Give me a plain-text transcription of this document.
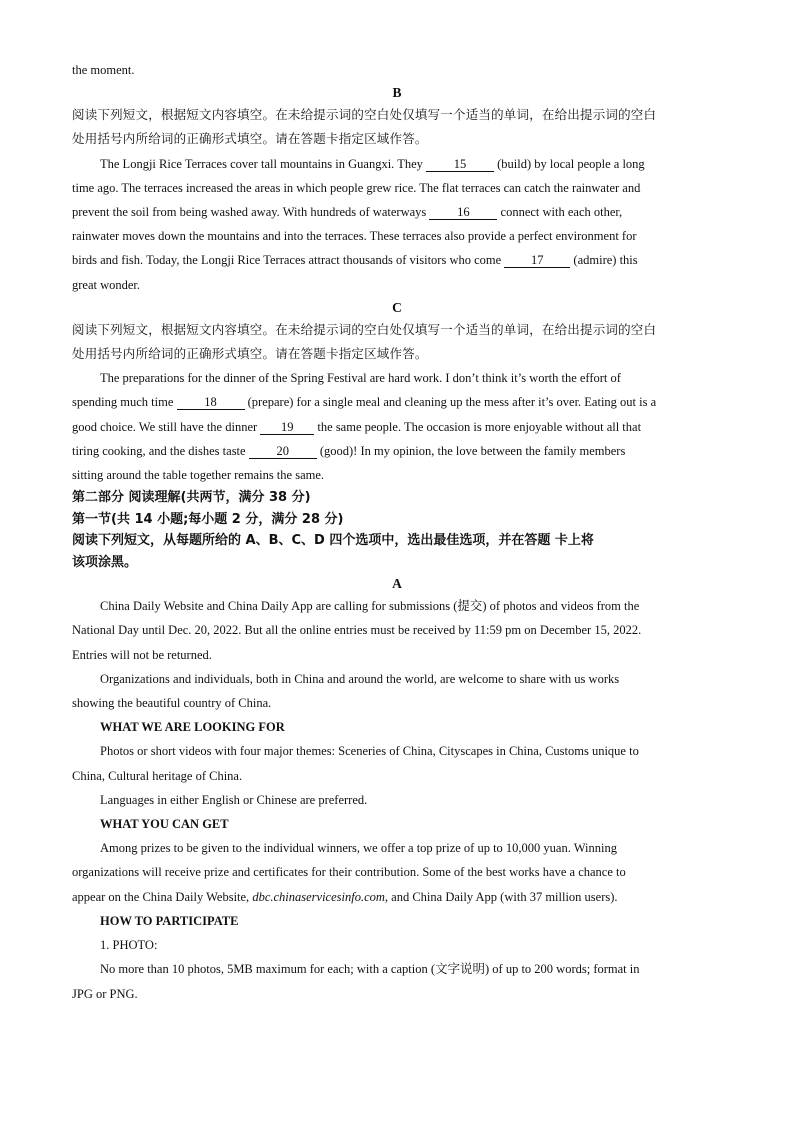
the moment.
B
阅读下列短文，根据短文内容填空。在未给提示词的空白处仅填写一个适当的单词，在给出提示词的空白
处用括号内所给词的正确形式填空。请在答题卡指定区域作答。
The Longji Rice Terraces cover tall mountains in Guangxi. They 15 (build) by local people a long
time ago. The terraces increased the areas in which people grew rice. The flat terraces can catch the rainwater and
prevent the soil from being washed away. With hundreds of waterways 16 connect with each other,
rainwater moves down the mountains and into the terraces. These terraces also provide a perfect environment for
birds and fish. Today, the Longji Rice Terraces attract thousands of visitors who come 17 (admire) this
great wonder.
C
阅读下列短文，根据短文内容填空。在未给提示词的空白处仅填写一个适当的单词，在给出提示词的空白
处用括号内所给词的正确形式填空。请在答题卡指定区域作答。
The preparations for the dinner of the Spring Festival are hard work. I don’t think it’s worth the effort of
spending much time 18 (prepare) for a single meal and cleaning up the mess after it’s over. Eating out is a
good choice. We still have the dinner 19 the same people. The occasion is more enjoyable without all that
tiring cooking, and the dishes taste 20 (good)! In my opinion, the love between the family members
sitting around the table together remains the same.
第二部分 阅读理解(共两节，满分 38 分)
第一节(共 14 小题;每小题 2 分，满分 28 分)
阅读下列短文，从每题所给的 A、B、C、D 四个选项中，选出最佳选项，并在答题 卡上将
该项涂黑。
A
China Daily Website and China Daily App are calling for submissions (提交) of photos and videos from the
National Day until Dec. 20, 2022. But all the online entries must be received by 11:59 pm on December 15, 2022.
Entries will not be returned.
Organizations and individuals, both in China and around the world, are welcome to share with us works
showing the beautiful country of China.
WHAT WE ARE LOOKING FOR
Photos or short videos with four major themes: Sceneries of China, Cityscapes in China, Customs unique to
China, Cultural heritage of China.
Languages in either English or Chinese are preferred.
WHAT YOU CAN GET
Among prizes to be given to the individual winners, we offer a top prize of up to 10,000 yuan. Winning
organizations will receive prize and certificates for their contribution. Some of the best works have a chance to
appear on the China Daily Website, dbc.chinaservicesinfo.com, and China Daily App (with 37 million users).
HOW TO PARTICIPATE
1. PHOTO:
No more than 10 photos, 5MB maximum for each; with a caption (文字说明) of up to 200 words; format in
JPG or PNG.
